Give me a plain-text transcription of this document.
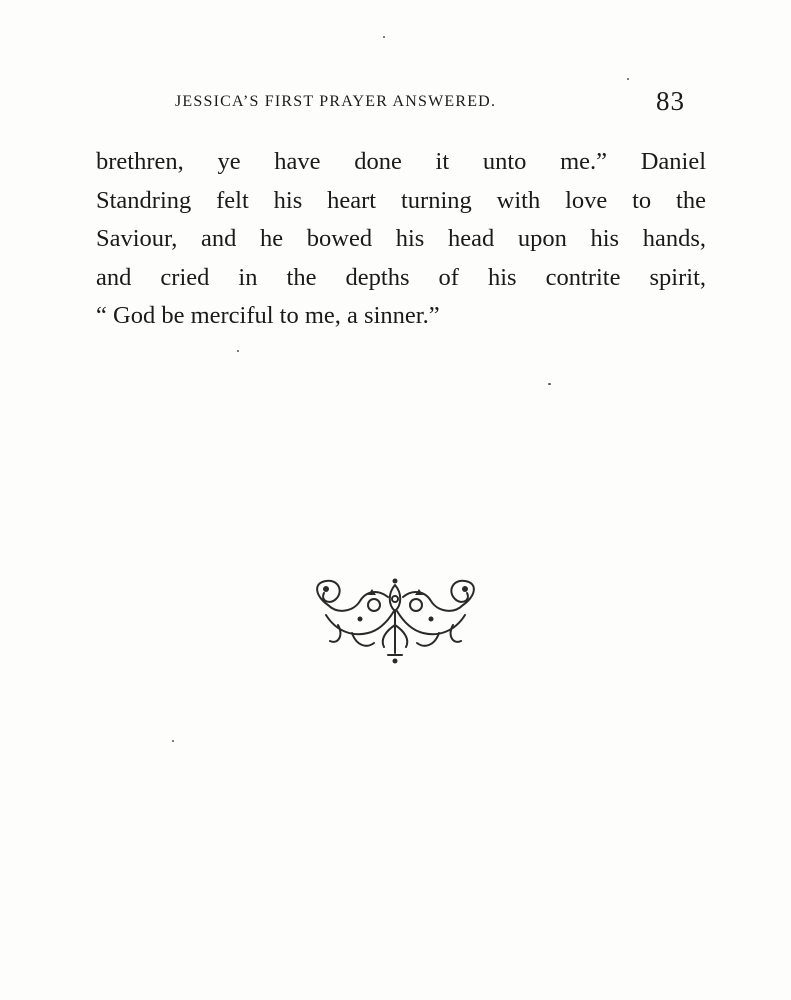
JESSICA’S FIRST PRAYER ANSWERED.	83

brethren, ye have done it unto me.” Daniel
Standring felt his heart turning with love to the
Saviour, and he bowed his head upon his hands,
and cried in the depths of his contrite spirit,
“ God be merciful to me, a sinner.”
